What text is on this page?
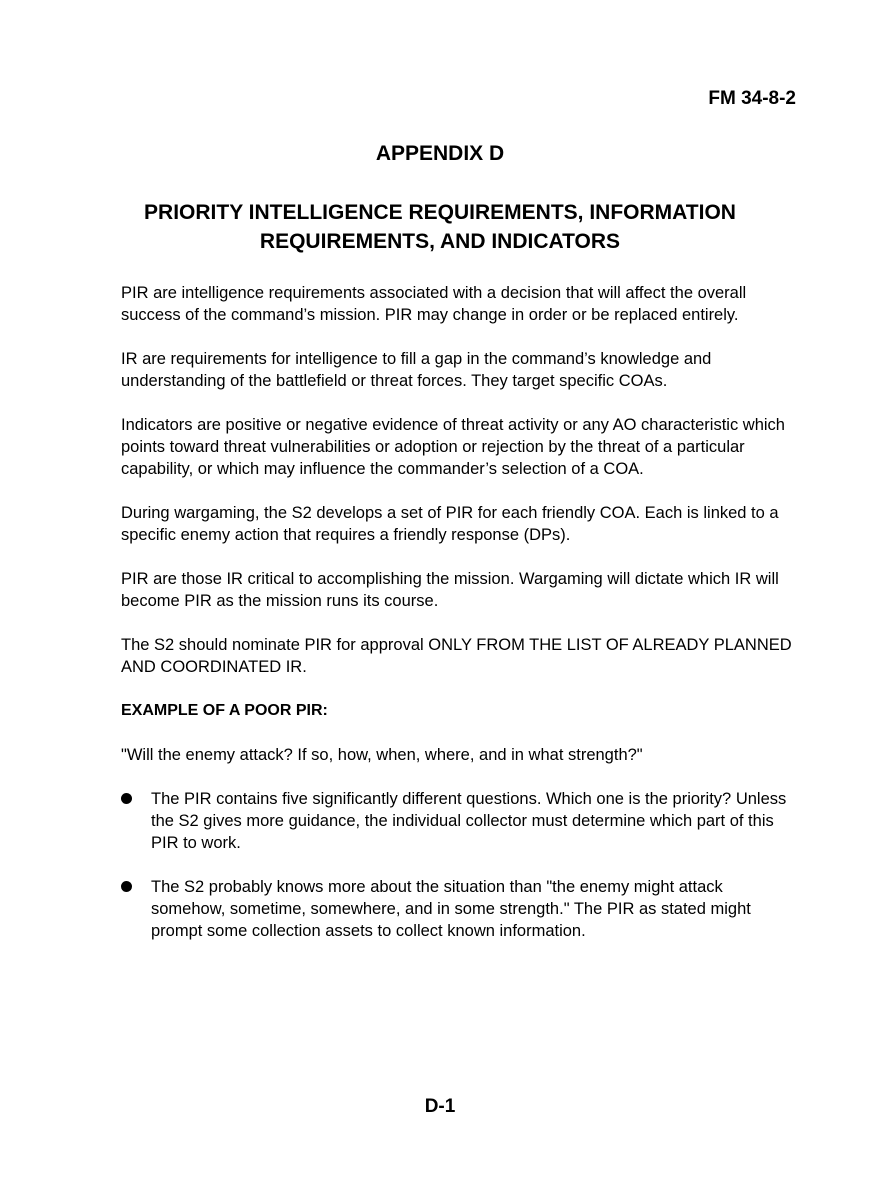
FM 34-8-2
APPENDIX D
PRIORITY INTELLIGENCE REQUIREMENTS, INFORMATION
REQUIREMENTS, AND INDICATORS

PIR are intelligence requirements associated with a decision that will affect the overall success of the command’s mission. PIR may change in order or be replaced entirely.

IR are requirements for intelligence to fill a gap in the command’s knowledge and understanding of the battlefield or threat forces. They target specific COAs.

Indicators are positive or negative evidence of threat activity or any AO characteristic which points toward threat vulnerabilities or adoption or rejection by the threat of a particular capability, or which may influence the commander’s selection of a COA.

During wargaming, the S2 develops a set of PIR for each friendly COA. Each is linked to a specific enemy action that requires a friendly response (DPs).

PIR are those IR critical to accomplishing the mission. Wargaming will dictate which IR will become PIR as the mission runs its course.

The S2 should nominate PIR for approval ONLY FROM THE LIST OF ALREADY PLANNED AND COORDINATED IR.

EXAMPLE OF A POOR PIR:

"Will the enemy attack? If so, how, when, where, and in what strength?"

The PIR contains five significantly different questions. Which one is the priority? Unless the S2 gives more guidance, the individual collector must determine which part of this PIR to work.
The S2 probably knows more about the situation than "the enemy might attack somehow, sometime, somewhere, and in some strength." The PIR as stated might prompt some collection assets to collect known information.
D-1
